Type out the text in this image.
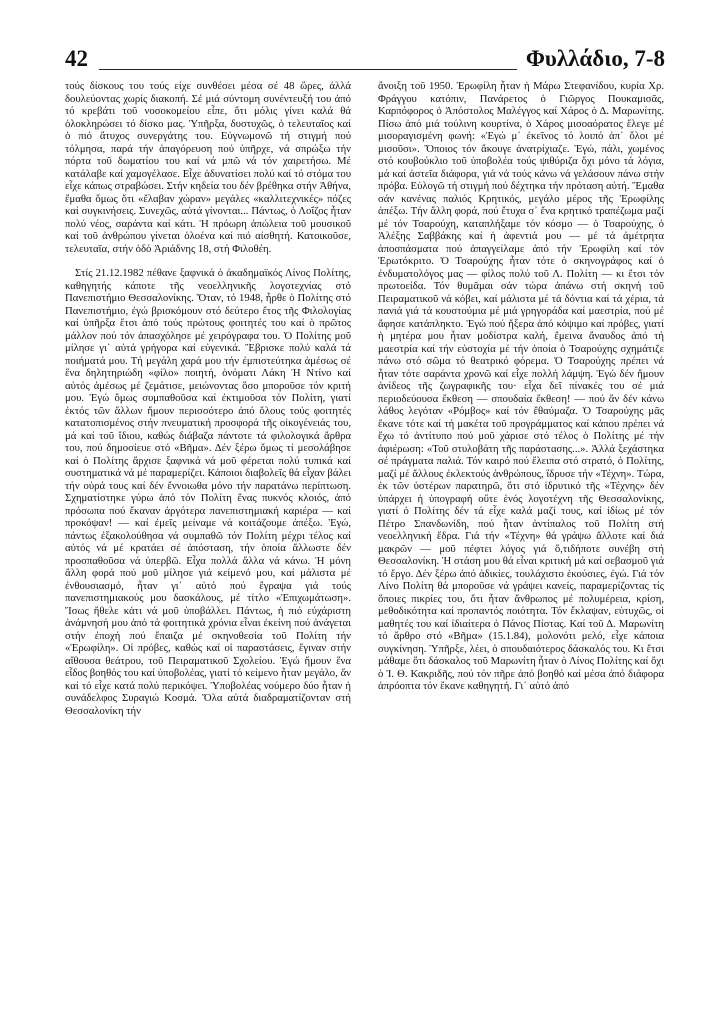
42	Φυλλάδιο, 7-8

τούς δίσκους του τούς είχε συνθέσει μέσα σέ 48 ὥρες, ἀλλά δουλεύοντας χωρίς διακοπή. Σέ μιά σύντομη συνέντευξή του ἀπό τό κρεβάτι τοῦ νοσοκομείου εἶπε, ὅτι μόλις γίνει καλά θά ὁλοκληρώσει τό δίσκο μας. Ὑπῆρξα, δυστυχῶς, ὁ τελευταῖος καί ὁ πιό ἄτυχος συνεργάτης του. Εὐγνωμονῶ τή στιγμή πού τόλμησα, παρά τήν ἀπαγόρευση πού ὑπῆρχε, νά σπρώξω τήν πόρτα τοῦ δωματίου του καί νά μπῶ νά τόν χαιρετήσω. Μέ κατάλαβε καί χαμογέλασε. Εἶχε ἀδυνατίσει πολύ καί τό στόμα του εἶχε κάπως στραβώσει. Στήν κηδεία του δέν βρέθηκα στήν Ἀθήνα, ἔμαθα ὅμως ὅτι «ἔλαβαν χώραν» μεγάλες «καλλιτεχνικές» πόζες καί συγκινήσεις. Συνεχῶς, αὐτά γίνονται... Πάντως, ὁ Λοΐζος ἦταν πολύ νέος, σαράντα καί κάτι. Ἡ πρόωρη ἀπώλεια τοῦ μουσικοῦ καί τοῦ ἀνθρώπου γίνεται ὁλοένα καί πιό αἰσθητή. Κατοικοῦσε, τελευταῖα, στήν ὁδό Ἀριάδνης 18, στή Φιλοθέη.

Στίς 21.12.1982 πέθανε ξαφνικά ὁ ἀκαδημαϊκός Λίνος Πολίτης, καθηγητής κάποτε τῆς νεοελληνικῆς λογοτεχνίας στό Πανεπιστήμιο Θεσσαλονίκης. Ὅταν, τό 1948, ἦρθε ὁ Πολίτης στό Πανεπιστήμιο, ἐγώ βρισκόμουν στό δεύτερο ἔτος τῆς Φιλολογίας καί ὑπῆρξα ἔτσι ἀπό τούς πρώτους φοιτητές του καί ὁ πρῶτος μάλλον πού τόν ἀπασχόλησε μέ χειρόγραφα του. Ὁ Πολίτης μοῦ μίλησε γι᾿ αὐτά γρήγορα καί εὐγενικά. Ἔβρισκε πολύ καλά τά ποιήματά μου. Τή μεγάλη χαρά μου τήν ἐμπιστεύτηκα ἀμέσως σέ ἕνα δηλητηριώδη «φίλο» ποιητή, ὀνόματι Λάκη Ἠ Ντίνο καί αὐτός ἀμέσως μέ ζεμάτισε, μειώνοντας ὅσο μποροῦσε τόν κριτή μου. Ἐγώ ὅμως συμπαθοῦσα καί ἐκτιμοῦσα τόν Πολίτη, γιατί ἐκτός τῶν ἄλλων ἤμουν περισσότερο ἀπό ὅλους τούς φοιτητές κατατοπισμένος στήν πνευματική προσφορά τῆς οἰκογένειάς του, μά καί τοῦ ἴδιου, καθώς διάβαζα πάντοτε τά φιλολογικά ἄρθρα του, πού δημοσίευε στό «Βῆμα». Δέν ξέρω ὅμως τί μεσολάβησε καί ὁ Πολίτης ἄρχισε ξαφνικά νά μοῦ φέρεται πολύ τυπικά καί συστηματικά νά μέ παραμερίζει. Κάποιοι διαβολεῖς θά εἶχαν βάλει τήν οὐρά τους καί δέν ἔννοιωθα μόνο τήν παρατάνω περίπτωση. Σχηματίστηκε γύρω ἀπό τόν Πολίτη ἕνας πυκνός κλοιός, ἀπό πρόσωπα πού ἔκαναν ἀργότερα πανεπιστημιακή καριέρα — καί προκόψαν! — καί ἐμεῖς μείναμε νά κοιτάζουμε ἀπέξω. Ἐγώ, πάντως ἐξακολούθησα νά συμπαθῶ τόν Πολίτη μέχρι τέλος καί αὐτός νά μέ κρατάει σέ ἀπόσταση, τήν ὁποία ἄλλωστε δέν προσπαθοῦσα νά ὑπερβῶ. Εἶχα πολλά ἄλλα νά κάνω. Ἡ μόνη ἄλλη φορά πού μοῦ μίλησε γιά κείμενό μου, καί μάλιστα μέ ἐνθουσιασμό, ἦταν γι᾿ αὐτό πού ἔγραψα γιά τούς πανεπιστημιακούς μου δασκάλους, μέ τίτλο «Ἐπιχωμάτωση». Ἴσως ἤθελε κάτι νά μοῦ ὑποβάλλει. Πάντως, ἡ πιό εὐχάριστη ἀνάμνησή μου ἀπό τά φοιτητικά χρόνια εἶναι ἐκείνη πού ἀνάγεται στήν ἐποχή πού ἔπαιζα μέ σκηνοθεσία τοῦ Πολίτη τήν «Ἐρωφίλη». Οἱ πρόβες, καθώς καί οἱ παραστάσεις, ἔγιναν στήν αἴθουσα θεάτρου, τοῦ Πειραματικοῦ Σχολείου. Ἐγώ ἤμουν ἕνα εἶδος βοηθός του καί ὑποβολέας, γιατί τό κείμενο ἦταν μεγάλο, ἄν καί τό εἶχε κατά πολύ περικόψει. Ὑποβολέας νούμερο δύο ἦταν ἡ συνάδελφος Συραγιώ Κοσμά. Ὅλα αὐτά διαδραματίζονταν στή Θεσσαλονίκη τήν

ἄνοιξη τοῦ 1950. Ἐρωφίλη ἦταν ἡ Μάρω Στεφανίδου, κυρία Χρ. Φράγγου κατόπιν, Πανάρετος ὁ Γιῶργος Πουκαμισᾶς, Καρπόφορος ὁ Ἀπόστολος Μαλέγγος καί Χάρος ὁ Δ. Μαρωνίτης. Πίσω ἀπό μιά τούλινη κουρτίνα, ὁ Χάρος μισοαόρατος ἔλεγε μέ μισοραγισμένη φωνή: «Ἐγώ μ᾿ ἐκεῖνος τό λοιπό ἀπ᾿ ὅλοι μέ μισοῦσι». Ὅποιος τόν ἄκουγε ἀνατρίχιαζε. Ἐγώ, πάλι, χωμένος στό κουβούκλιο τοῦ ὑποβολέα τούς ψιθύριζα ὄχι μόνο τά λόγια, μά καί ἀστεῖα διάφορα, γιά νά τούς κάνω νά γελάσουν πάνω στήν πρόβα. Εὐλογῶ τή στιγμή πού δέχτηκα τήν πρόταση αὐτή. Ἔμαθα σάν κανένας παλιός Κρητικός, μεγάλο μέρος τῆς Ἐρωφίλης ἀπέξω. Τήν ἄλλη φορά, πού ἔτυχα σ᾿ ἕνα κρητικό τραπέζωμα μαζί μέ τόν Τσαρούχη, καταπλήξαμε τόν κόσμο — ὁ Τσαρούχης, ὁ Ἀλέξης Σαββάκης καί ἡ ἀφεντιά μου — μέ τά ἀμέτρητα ἀποσπάσματα πού ἀπαγγείλαμε ἀπό τήν Ἐρωφίλη καί τόν Ἐρωτόκριτο. Ὁ Τσαρούχης ἦταν τότε ὁ σκηνογράφος καί ὁ ἐνδυματολόγος μας — φίλος πολύ τοῦ Λ. Πολίτη — κι ἔτσι τόν πρωτοείδα. Τόν θυμᾶμαι σάν τώρα ἀπάνω στή σκηνή τοῦ Πειραματικοῦ νά κόβει, καί μάλιστα μέ τά δόντια καί τά χέρια, τά πανιά γιά τά κουστούμια μέ μιά γρηγοράδα καί μαεστρία, πού μέ ἄφησε κατάπληκτο. Ἐγώ πού ἤξερα ἀπό κόψιμο καί πρόβες, γιατί ἡ μητέρα μου ἦταν μοδίστρα καλή, ἔμεινα ἄναυδος ἀπό τή μαεστρία καί τήν εὐστοχία μέ τήν ὁποία ὁ Τσαρούχης σχημάτιζε πάνω στό σῶμα τό θεατρικό φόρεμα. Ὁ Τσαρούχης πρέπει νά ἦταν τότε σαράντα χρονῶ καί εἶχε πολλή λάμψη. Ἐγώ δέν ἤμουν ἀνίδεος τῆς ζωγραφικῆς του· εἶχα δεῖ πίνακές του σέ μιά περιοδεύουσα ἔκθεση — σπουδαία ἔκθεση! — πού ἄν δέν κάνω λάθος λεγόταν «Ρόμβος» καί τόν ἔθαύμαζα. Ὁ Τσαρούχης μᾶς ἔκανε τότε καί τή μακέτα τοῦ προγράμματος καί κάπου πρέπει νά ἔχω τό ἀντίτυπο πού μοῦ χάρισε στό τέλος ὁ Πολίτης μέ τήν ἀφιέρωση: «Τοῦ στυλοβάτη τῆς παράστασης...». Ἀλλά ξεχάστηκα σέ πράγματα παλιά. Τόν καιρό πού ἔλειπα στό στρατό, ὁ Πολίτης, μαζί μέ ἄλλους ἐκλεκτούς ἀνθρώπους, ἵδρυσε τήν «Τέχνη». Τώρα, ἐκ τῶν ὑστέρων παρατηρῶ, ὅτι στό ἱδρυτικό τῆς «Τέχνης» δέν ὑπάρχει ἡ ὑπογραφή οὔτε ἑνός λογοτέχνη τῆς Θεσσαλονίκης, γιατί ὁ Πολίτης δέν τά εἶχε καλά μαζί τους, καί ἰδίως μέ τόν Πέτρο Σπανδωνίδη, πού ἦταν ἀντίπαλος τοῦ Πολίτη στή νεοελληνική ἕδρα. Γιά τήν «Τέχνη» θά γράψω ἄλλοτε καί διά μακρῶν — μοῦ πέφτει λόγος γιά ὅ,τιδήποτε συνέβη στή Θεσσαλονίκη. Ἡ στάση μου θά εἶναι κριτική μά καί σεβασμοῦ γιά τό ἔργο. Δέν ξέρω ἀπό ἀδικίες, τουλάχιστο ἑκούσιες, ἐγώ. Γιά τόν Λίνο Πολίτη θά μποροῦσε νά γράψει κανείς, παραμερίζοντας τίς ὅποιες πικρίες του, ὅτι ἦταν ἄνθρωπος μέ πολυμέρεια, κρίση, μεθοδικότητα καί προπαντός ποιότητα. Τόν ἔκλαψαν, εὐτυχῶς, οἱ μαθητές του καί ἰδιαίτερα ὁ Πάνος Πίστας. Καί τοῦ Δ. Μαρωνίτη τό ἄρθρο στό «Βῆμα» (15.1.84), μολονότι μελό, εἶχε κάποια συγκίνηση. Ὑπῆρξε, λέει, ὁ σπουδαιότερος δάσκαλός του. Κι ἔτσι μάθαμε ὅτι δάσκαλος τοῦ Μαρωνίτη ἦταν ὁ Λίνος Πολίτης καί ὄχι ὁ Ἰ. Θ. Κακριδῆς, πού τόν πῆρε ἀπό βοηθό καί μέσα ἀπό διάφορα ἀπρόοπτα τόν ἔκανε καθηγητή. Γι᾿ αὐτό ἀπό
